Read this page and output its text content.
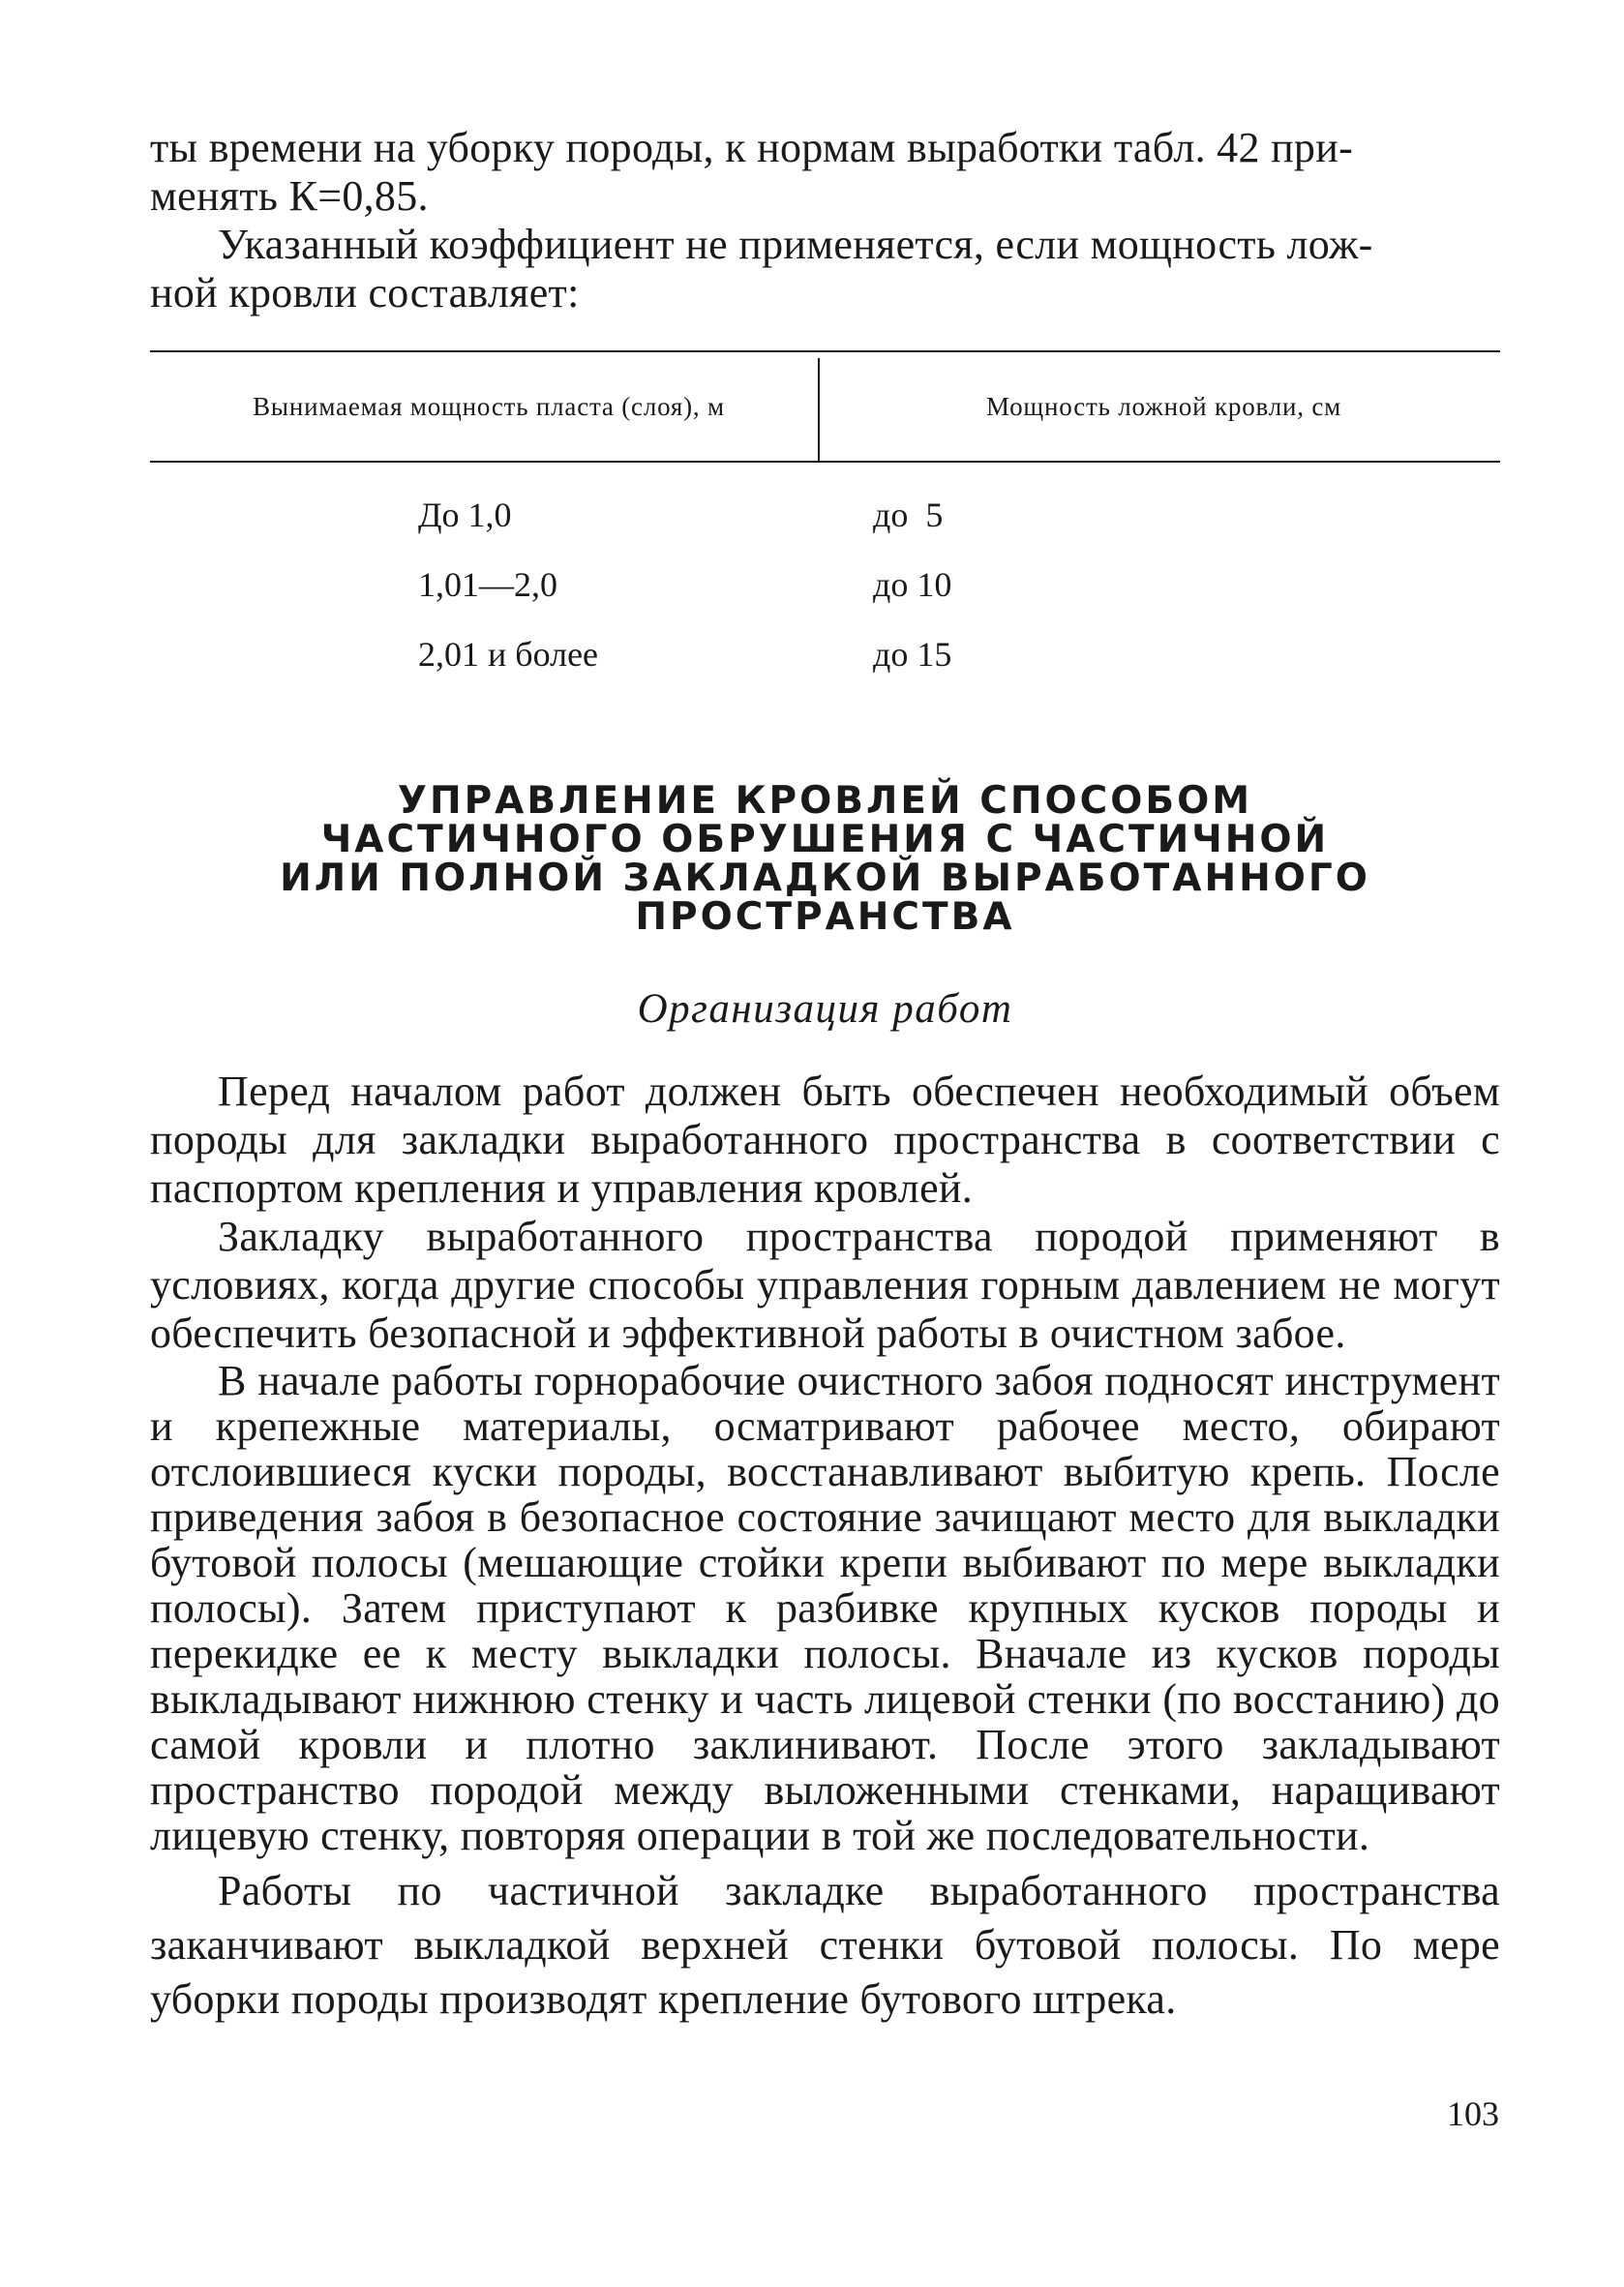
ты времени на уборку породы, к нормам выработки табл. 42 при-
менять К=0,85.

Указанный коэффициент не применяется, если мощность лож-
ной кровли составляет:

Вынимаемая мощность пласта (слоя), м	Мощность ложной кровли, см
До 1,0	до  5
1,01—2,0	до 10
2,01 и более	до 15
УПРАВЛЕНИЕ КРОВЛЕЙ СПОСОБОМ
ЧАСТИЧНОГО ОБРУШЕНИЯ С ЧАСТИЧНОЙ
ИЛИ ПОЛНОЙ ЗАКЛАДКОЙ ВЫРАБОТАННОГО
ПРОСТРАНСТВА
Организация работ

Перед началом работ должен быть обеспечен необходимый объем породы для закладки выработанного пространства в соответствии с паспортом крепления и управления кровлей.

Закладку выработанного пространства породой применяют в условиях, когда другие способы управления горным давлением не могут обеспечить безопасной и эффективной работы в очистном забое.

В начале работы горнорабочие очистного забоя подносят инструмент и крепежные материалы, осматривают рабочее место, обирают отслоившиеся куски породы, восстанавливают выбитую крепь. После приведения забоя в безопасное состояние зачищают место для выкладки бутовой полосы (мешающие стойки крепи выбивают по мере выкладки полосы). Затем приступают к разбивке крупных кусков породы и перекидке ее к месту выкладки полосы. Вначале из кусков породы выкладывают нижнюю стенку и часть лицевой стенки (по восстанию) до самой кровли и плотно заклинивают. После этого закладывают пространство породой между выложенными стенками, наращивают лицевую стенку, повторяя операции в той же последовательности.

Работы по частичной закладке выработанного пространства заканчивают выкладкой верхней стенки бутовой полосы. По мере уборки породы производят крепление бутового штрека.

103
